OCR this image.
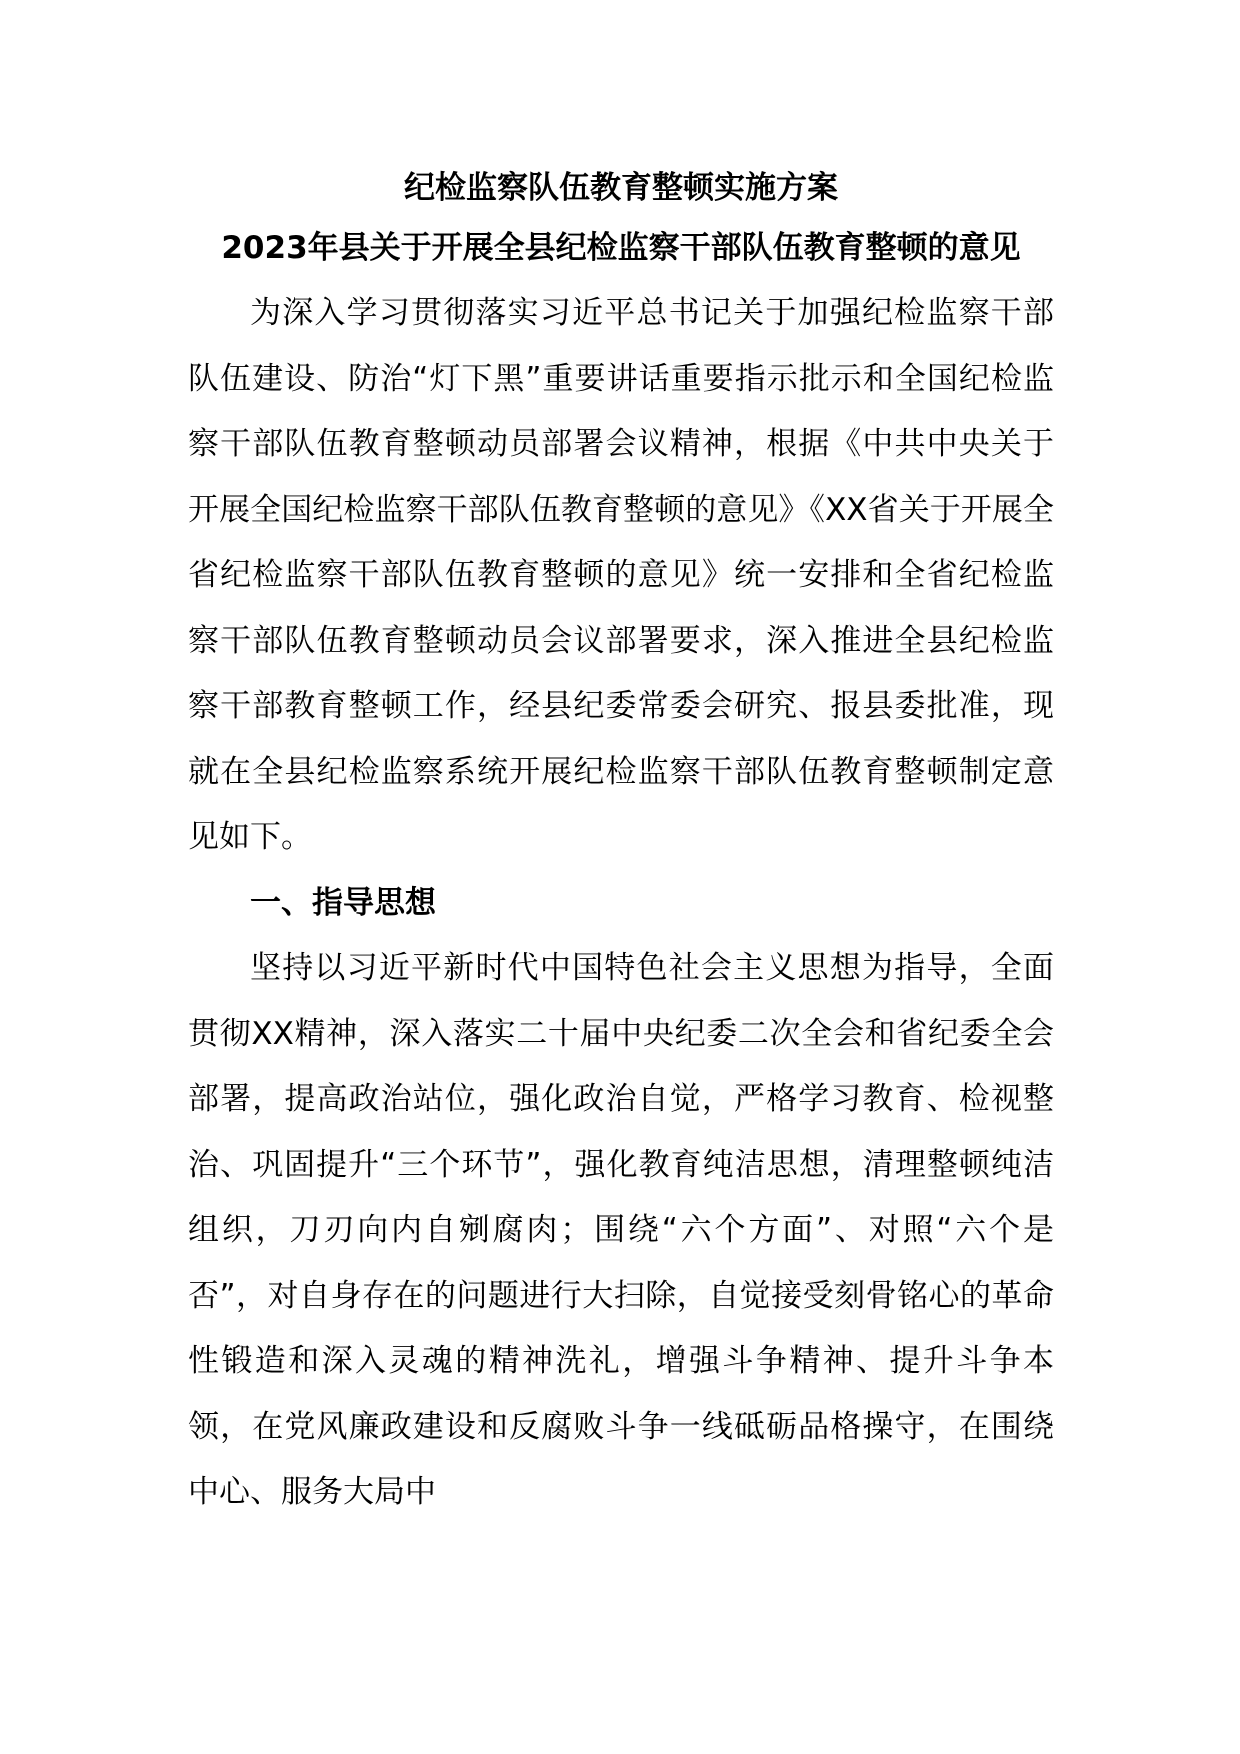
纪检监察队伍教育整顿实施方案

2023年县关于开展全县纪检监察干部队伍教育整顿的意见

为深入学习贯彻落实习近平总书记关于加强纪检监察干部队伍建设、防治“灯下黑”重要讲话重要指示批示和全国纪检监察干部队伍教育整顿动员部署会议精神，根据《中共中央关于开展全国纪检监察干部队伍教育整顿的意见》《XX省关于开展全省纪检监察干部队伍教育整顿的意见》统一安排和全省纪检监察干部队伍教育整顿动员会议部署要求，深入推进全县纪检监察干部教育整顿工作，经县纪委常委会研究、报县委批准，现就在全县纪检监察系统开展纪检监察干部队伍教育整顿制定意见如下。

一、指导思想

坚持以习近平新时代中国特色社会主义思想为指导，全面贯彻XX精神，深入落实二十届中央纪委二次全会和省纪委全会部署，提高政治站位，强化政治自觉，严格学习教育、检视整治、巩固提升“三个环节”，强化教育纯洁思想，清理整顿纯洁组织，刀刃向内自剜腐肉；围绕“六个方面”、对照“六个是否”，对自身存在的问题进行大扫除，自觉接受刻骨铭心的革命性锻造和深入灵魂的精神洗礼，增强斗争精神、提升斗争本领，在党风廉政建设和反腐败斗争一线砥砺品格操守，在围绕中心、服务大局中
